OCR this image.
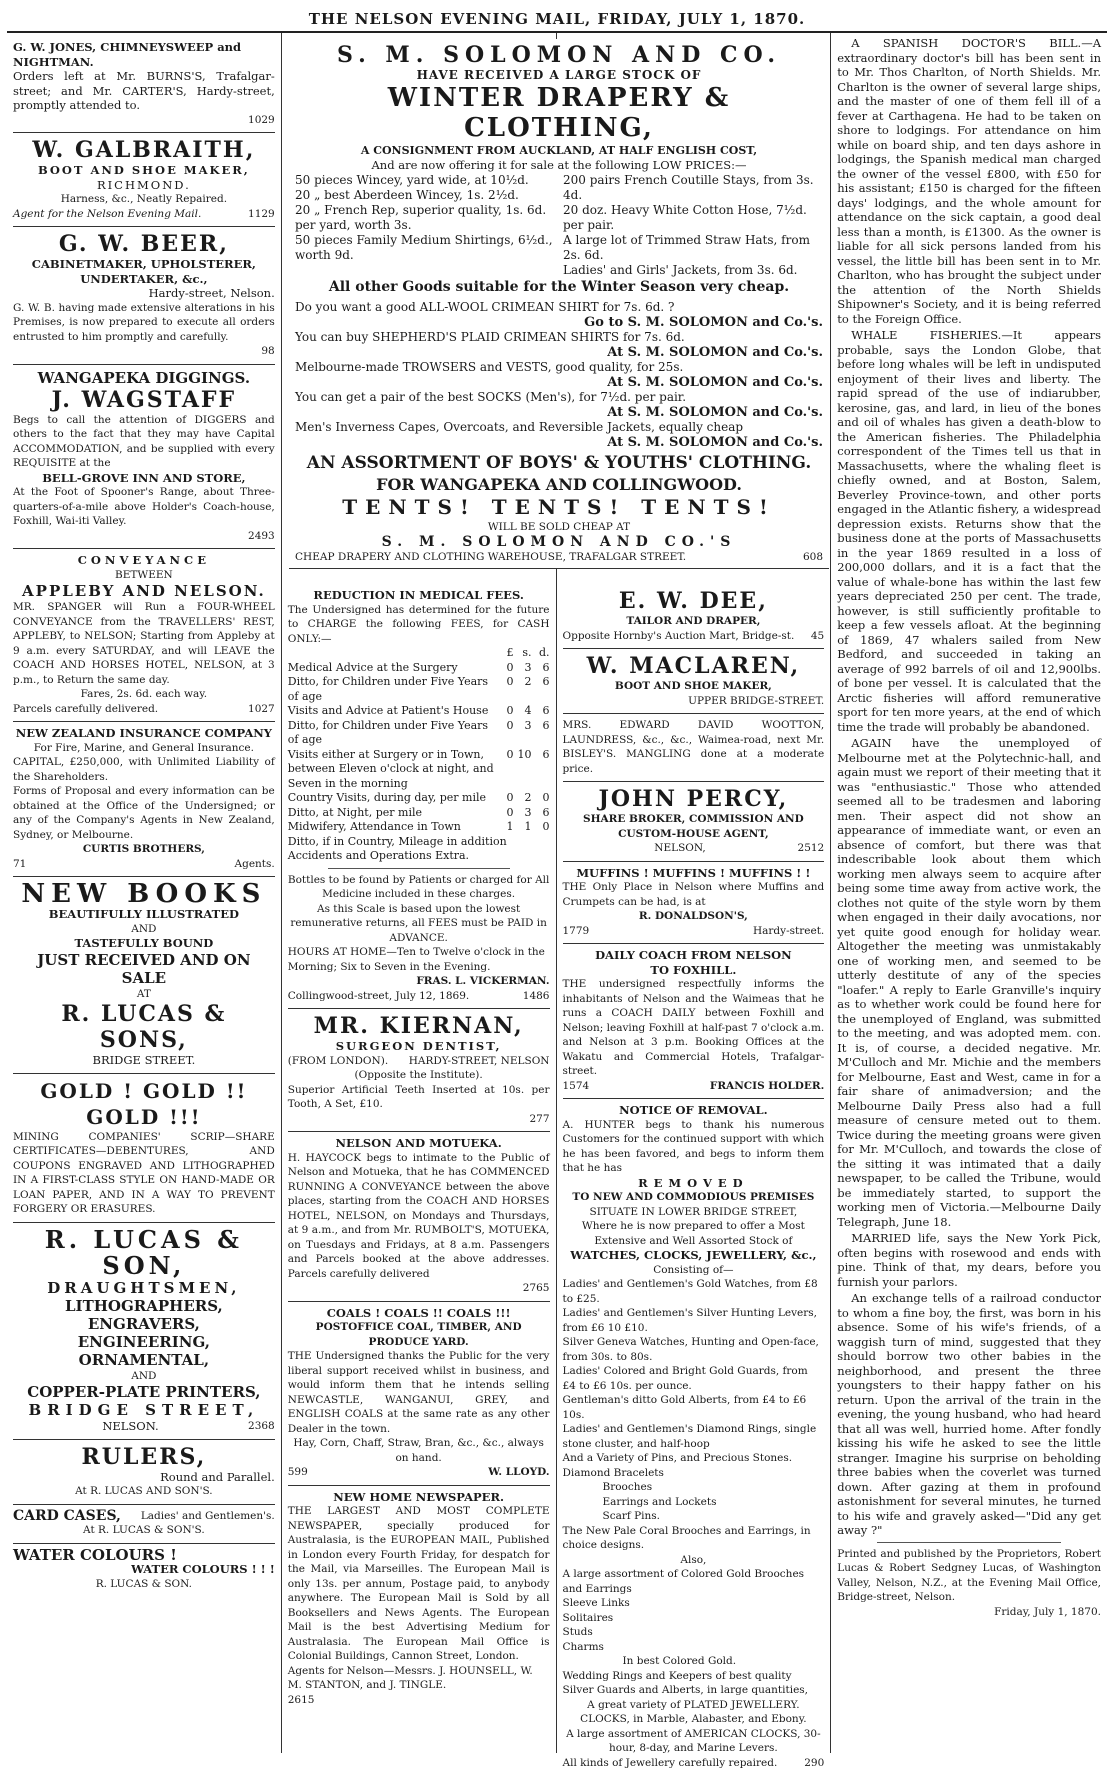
THE NELSON EVENING MAIL, FRIDAY, JULY 1, 1870.
S. M. SOLOMON AND CO.
HAVE RECEIVED A LARGE STOCK OF
WINTER DRAPERY & CLOTHING,
A CONSIGNMENT FROM AUCKLAND, AT HALF ENGLISH COST,
And are now offering it for sale at the following LOW PRICES:—
50 pieces Wincey, yard wide, at 10½d.
20 „ best Aberdeen Wincey, 1s. 2½d.
20 „ French Rep, superior quality, 1s. 6d. per yard, worth 3s.
50 pieces Family Medium Shirtings, 6½d., worth 9d.
200 pairs French Coutille Stays, from 3s. 4d.
20 doz. Heavy White Cotton Hose, 7½d. per pair.
A large lot of Trimmed Straw Hats, from 2s. 6d.
Ladies' and Girls' Jackets, from 3s. 6d.
All other Goods suitable for the Winter Season very cheap.
Do you want a good ALL-WOOL CRIMEAN SHIRT for 7s. 6d. ?
Go to S. M. SOLOMON and Co.'s.
You can buy SHEPHERD'S PLAID CRIMEAN SHIRTS for 7s. 6d.
At S. M. SOLOMON and Co.'s.
Melbourne-made TROWSERS and VESTS, good quality, for 25s.
At S. M. SOLOMON and Co.'s.
You can get a pair of the best SOCKS (Men's), for 7½d. per pair.
At S. M. SOLOMON and Co.'s.
Men's Inverness Capes, Overcoats, and Reversible Jackets, equally cheap
At S. M. SOLOMON and Co.'s.
AN ASSORTMENT OF BOYS' & YOUTHS' CLOTHING.
FOR WANGAPEKA AND COLLINGWOOD.
TENTS! TENTS! TENTS!
WILL BE SOLD CHEAP AT
S. M. SOLOMON AND CO.'S
CHEAP DRAPERY AND CLOTHING WAREHOUSE, TRAFALGAR STREET.	608
G. W. JONES, CHIMNEYSWEEP and NIGHTMAN.
Orders left at Mr. BURNS'S, Trafalgar-street; and Mr. CARTER'S, Hardy-street, promptly attended to.
1029
W. GALBRAITH,
BOOT AND SHOE MAKER,
RICHMOND.
Harness, &c., Neatly Repaired.
Agent for the Nelson Evening Mail.	1129
G. W. BEER,
CABINETMAKER, UPHOLSTERER,
UNDERTAKER, &c.,
Hardy-street, Nelson.
G. W. B. having made extensive alterations in his Premises, is now prepared to execute all orders entrusted to him promptly and carefully.
98
WANGAPEKA DIGGINGS.
J. WAGSTAFF
Begs to call the attention of DIGGERS and others to the fact that they may have Capital ACCOMMODATION, and be supplied with every REQUISITE at the
BELL-GROVE INN AND STORE,
At the Foot of Spooner's Range, about Three-quarters-of-a-mile above Holder's Coach-house, Foxhill, Wai-iti Valley.
2493
CONVEYANCE
BETWEEN
APPLEBY AND NELSON.
MR. SPANGER will Run a FOUR-WHEEL CONVEYANCE from the TRAVELLERS' REST, APPLEBY, to NELSON; Starting from Appleby at 9 a.m. every SATURDAY, and will LEAVE the COACH AND HORSES HOTEL, NELSON, at 3 p.m., to Return the same day.
Fares, 2s. 6d. each way.
Parcels carefully delivered.	1027
NEW ZEALAND INSURANCE COMPANY
For Fire, Marine, and General Insurance.
CAPITAL, £250,000, with Unlimited Liability of the Shareholders.
Forms of Proposal and every information can be obtained at the Office of the Undersigned; or any of the Company's Agents in New Zealand, Sydney, or Melbourne.
CURTIS BROTHERS,
71	Agents.
NEW BOOKS
BEAUTIFULLY ILLUSTRATED
AND
TASTEFULLY BOUND
JUST RECEIVED AND ON SALE
AT
R. LUCAS & SONS,
BRIDGE STREET.
GOLD ! GOLD !! GOLD !!!
MINING COMPANIES' SCRIP—SHARE CERTIFICATES—DEBENTURES, AND COUPONS ENGRAVED AND LITHOGRAPHED IN A FIRST-CLASS STYLE ON HAND-MADE OR LOAN PAPER, AND IN A WAY TO PREVENT FORGERY OR ERASURES.
R. LUCAS & SON,
DRAUGHTSMEN,
LITHOGRAPHERS, ENGRAVERS,
ENGINEERING, ORNAMENTAL,
AND
COPPER-PLATE PRINTERS,
BRIDGE STREET,
NELSON.	2368
RULERS,
Round and Parallel.
At R. LUCAS AND SON'S.
CARD CASES, Ladies' and Gentlemen's.
At R. LUCAS & SON'S.
WATER COLOURS !
WATER COLOURS ! ! !
R. LUCAS & SON.
REDUCTION IN MEDICAL FEES.
The Undersigned has determined for the future to CHARGE the following FEES, for CASH ONLY:—
	£	s.	d.
Medical Advice at the Surgery	0	3	6
Ditto, for Children under Five Years of age	0	2	6
Visits and Advice at Patient's House	0	4	6
Ditto, for Children under Five Years of age	0	3	6
Visits either at Surgery or in Town, between Eleven o'clock at night, and Seven in the morning	0	10	6
Country Visits, during day, per mile	0	2	0
Ditto, at Night, per mile	0	3	6
Midwifery, Attendance in Town	1	1	0
Ditto, if in Country, Mileage in addition			
Accidents and Operations Extra.			
Bottles to be found by Patients or charged for All Medicine included in these charges.
As this Scale is based upon the lowest remunerative returns, all FEES must be PAID in ADVANCE.
HOURS AT HOME—Ten to Twelve o'clock in the Morning; Six to Seven in the Evening.
FRAS. L. VICKERMAN.
Collingwood-street, July 12, 1869.	1486
MR. KIERNAN,
SURGEON DENTIST,
(FROM LONDON). HARDY-STREET, NELSON
(Opposite the Institute).
Superior Artificial Teeth Inserted at 10s. per Tooth, A Set, £10.
277
NELSON AND MOTUEKA.
H. HAYCOCK begs to intimate to the Public of Nelson and Motueka, that he has COMMENCED RUNNING A CONVEYANCE between the above places, starting from the COACH AND HORSES HOTEL, NELSON, on Mondays and Thursdays, at 9 a.m., and from Mr. RUMBOLT'S, MOTUEKA, on Tuesdays and Fridays, at 8 a.m. Passengers and Parcels booked at the above addresses. Parcels carefully delivered
2765
COALS ! COALS !! COALS !!!
POSTOFFICE COAL, TIMBER, AND PRODUCE YARD.
THE Undersigned thanks the Public for the very liberal support received whilst in business, and would inform them that he intends selling NEWCASTLE, WANGANUI, GREY, and ENGLISH COALS at the same rate as any other Dealer in the town.
Hay, Corn, Chaff, Straw, Bran, &c., &c., always on hand.
599	W. LLOYD.
NEW HOME NEWSPAPER.
THE LARGEST AND MOST COMPLETE NEWSPAPER, specially produced for Australasia, is the EUROPEAN MAIL, Published in London every Fourth Friday, for despatch for the Mail, via Marseilles. The European Mail is only 13s. per annum, Postage paid, to anybody anywhere. The European Mail is Sold by all Booksellers and News Agents. The European Mail is the best Advertising Medium for Australasia. The European Mail Office is Colonial Buildings, Cannon Street, London.
Agents for Nelson—Messrs. J. HOUNSELL, W. M. STANTON, and J. TINGLE.
2615
E. W. DEE,
TAILOR AND DRAPER,
Opposite Hornby's Auction Mart, Bridge-st. 45
W. MACLAREN,
BOOT AND SHOE MAKER,
UPPER BRIDGE-STREET.
MRS. EDWARD DAVID WOOTTON, LAUNDRESS, &c., &c., Waimea-road, next Mr. BISLEY'S. MANGLING done at a moderate price.
JOHN PERCY,
SHARE BROKER, COMMISSION AND CUSTOM-HOUSE AGENT,
NELSON,	2512
MUFFINS ! MUFFINS ! MUFFINS ! !
THE Only Place in Nelson where Muffins and Crumpets can be had, is at
R. DONALDSON'S,
1779	Hardy-street.
DAILY COACH FROM NELSON
TO FOXHILL.
THE undersigned respectfully informs the inhabitants of Nelson and the Waimeas that he runs a COACH DAILY between Foxhill and Nelson; leaving Foxhill at half-past 7 o'clock a.m. and Nelson at 3 p.m. Booking Offices at the Wakatu and Commercial Hotels, Trafalgar-street.
1574	FRANCIS HOLDER.
NOTICE OF REMOVAL.
A. HUNTER begs to thank his numerous Customers for the continued support with which he has been favored, and begs to inform them that he has
REMOVED
TO NEW AND COMMODIOUS PREMISES
SITUATE IN LOWER BRIDGE STREET,
Where he is now prepared to offer a Most Extensive and Well Assorted Stock of
WATCHES, CLOCKS, JEWELLERY, &c.,
Consisting of—
Ladies' and Gentlemen's Gold Watches, from £8 to £25.
Ladies' and Gentlemen's Silver Hunting Levers, from £6 10 £10.
Silver Geneva Watches, Hunting and Open-face, from 30s. to 80s.
Ladies' Colored and Bright Gold Guards, from £4 to £6 10s. per ounce.
Gentleman's ditto Gold Alberts, from £4 to £6 10s.
Ladies' and Gentlemen's Diamond Rings, single stone cluster, and half-hoop
And a Variety of Pins, and Precious Stones.
Diamond Bracelets
Brooches
Earrings and Lockets
Scarf Pins.
The New Pale Coral Brooches and Earrings, in choice designs.
Also,
A large assortment of Colored Gold Brooches and Earrings
Sleeve Links
Solitaires
Studs
Charms
In best Colored Gold.
Wedding Rings and Keepers of best quality
Silver Guards and Alberts, in large quantities,
A great variety of PLATED JEWELLERY.
CLOCKS, in Marble, Alabaster, and Ebony.
A large assortment of AMERICAN CLOCKS, 30-hour, 8-day, and Marine Levers.
All kinds of Jewellery carefully repaired.	290

A SPANISH DOCTOR'S BILL.—A extraordinary doctor's bill has been sent in to Mr. Thos Charlton, of North Shields. Mr. Charlton is the owner of several large ships, and the master of one of them fell ill of a fever at Carthagena. He had to be taken on shore to lodgings. For attendance on him while on board ship, and ten days ashore in lodgings, the Spanish medical man charged the owner of the vessel £800, with £50 for his assistant; £150 is charged for the fifteen days' lodgings, and the whole amount for attendance on the sick captain, a good deal less than a month, is £1300. As the owner is liable for all sick persons landed from his vessel, the little bill has been sent in to Mr. Charlton, who has brought the subject under the attention of the North Shields Shipowner's Society, and it is being referred to the Foreign Office.

WHALE FISHERIES.—It appears probable, says the London Globe, that before long whales will be left in undisputed enjoyment of their lives and liberty. The rapid spread of the use of indiarubber, kerosine, gas, and lard, in lieu of the bones and oil of whales has given a death-blow to the American fisheries. The Philadelphia correspondent of the Times tell us that in Massachusetts, where the whaling fleet is chiefly owned, and at Boston, Salem, Beverley Province-town, and other ports engaged in the Atlantic fishery, a widespread depression exists. Returns show that the business done at the ports of Massachusetts in the year 1869 resulted in a loss of 200,000 dollars, and it is a fact that the value of whale-bone has within the last few years depreciated 250 per cent. The trade, however, is still sufficiently profitable to keep a few vessels afloat. At the beginning of 1869, 47 whalers sailed from New Bedford, and succeeded in taking an average of 992 barrels of oil and 12,900lbs. of bone per vessel. It is calculated that the Arctic fisheries will afford remunerative sport for ten more years, at the end of which time the trade will probably be abandoned.

AGAIN have the unemployed of Melbourne met at the Polytechnic-hall, and again must we report of their meeting that it was "enthusiastic." Those who attended seemed all to be tradesmen and laboring men. Their aspect did not show an appearance of immediate want, or even an absence of comfort, but there was that indescribable look about them which working men always seem to acquire after being some time away from active work, the clothes not quite of the style worn by them when engaged in their daily avocations, nor yet quite good enough for holiday wear. Altogether the meeting was unmistakably one of working men, and seemed to be utterly destitute of any of the species "loafer." A reply to Earle Granville's inquiry as to whether work could be found here for the unemployed of England, was submitted to the meeting, and was adopted mem. con. It is, of course, a decided negative. Mr. M'Culloch and Mr. Michie and the members for Melbourne, East and West, came in for a fair share of animadversion; and the Melbourne Daily Press also had a full measure of censure meted out to them. Twice during the meeting groans were given for Mr. M'Culloch, and towards the close of the sitting it was intimated that a daily newspaper, to be called the Tribune, would be immediately started, to support the working men of Victoria.—Melbourne Daily Telegraph, June 18.

MARRIED life, says the New York Pick, often begins with rosewood and ends with pine. Think of that, my dears, before you furnish your parlors.

An exchange tells of a railroad conductor to whom a fine boy, the first, was born in his absence. Some of his wife's friends, of a waggish turn of mind, suggested that they should borrow two other babies in the neighborhood, and present the three youngsters to their happy father on his return. Upon the arrival of the train in the evening, the young husband, who had heard that all was well, hurried home. After fondly kissing his wife he asked to see the little stranger. Imagine his surprise on beholding three babies when the coverlet was turned down. After gazing at them in profound astonishment for several minutes, he turned to his wife and gravely asked—"Did any get away ?"

Printed and published by the Proprietors, Robert Lucas & Robert Sedgney Lucas, of Washington Valley, Nelson, N.Z., at the Evening Mail Office, Bridge-street, Nelson.
Friday, July 1, 1870.
